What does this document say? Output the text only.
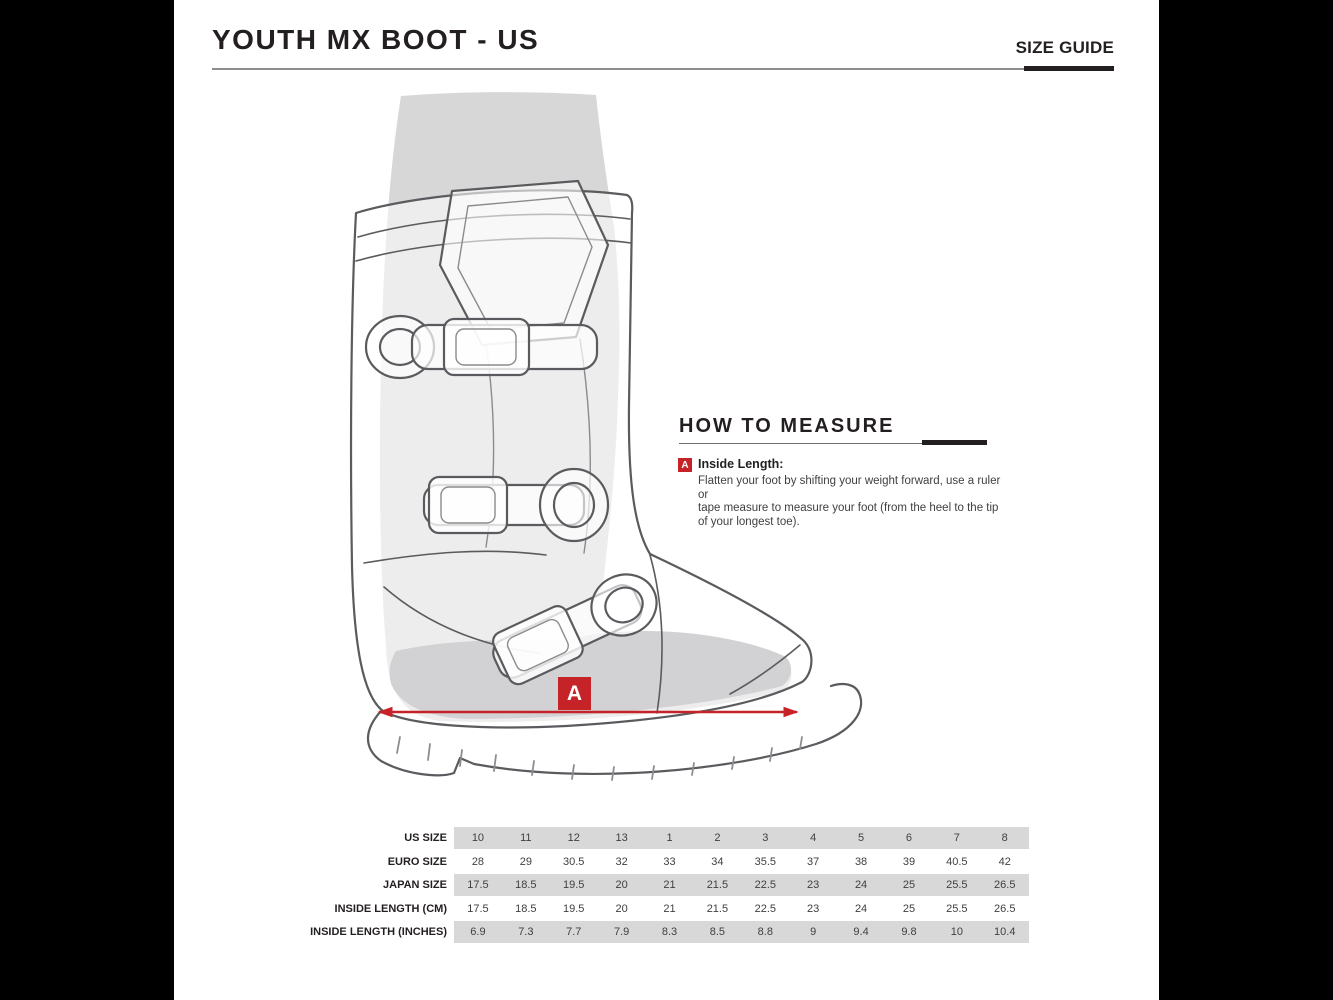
YOUTH MX BOOT - US	SIZE GUIDE
A
HOW TO MEASURE
A Inside Length:
Flatten your foot by shifting your weight forward, use a ruler or
tape measure to measure your foot (from the heel to the tip
of your longest toe).
US SIZE	10	11	12	13	1	2	3	4	5	6	7	8
EURO SIZE	28	29	30.5	32	33	34	35.5	37	38	39	40.5	42
JAPAN SIZE	17.5	18.5	19.5	20	21	21.5	22.5	23	24	25	25.5	26.5
INSIDE LENGTH (CM)	17.5	18.5	19.5	20	21	21.5	22.5	23	24	25	25.5	26.5
INSIDE LENGTH (INCHES)	6.9	7.3	7.7	7.9	8.3	8.5	8.8	9	9.4	9.8	10	10.4
